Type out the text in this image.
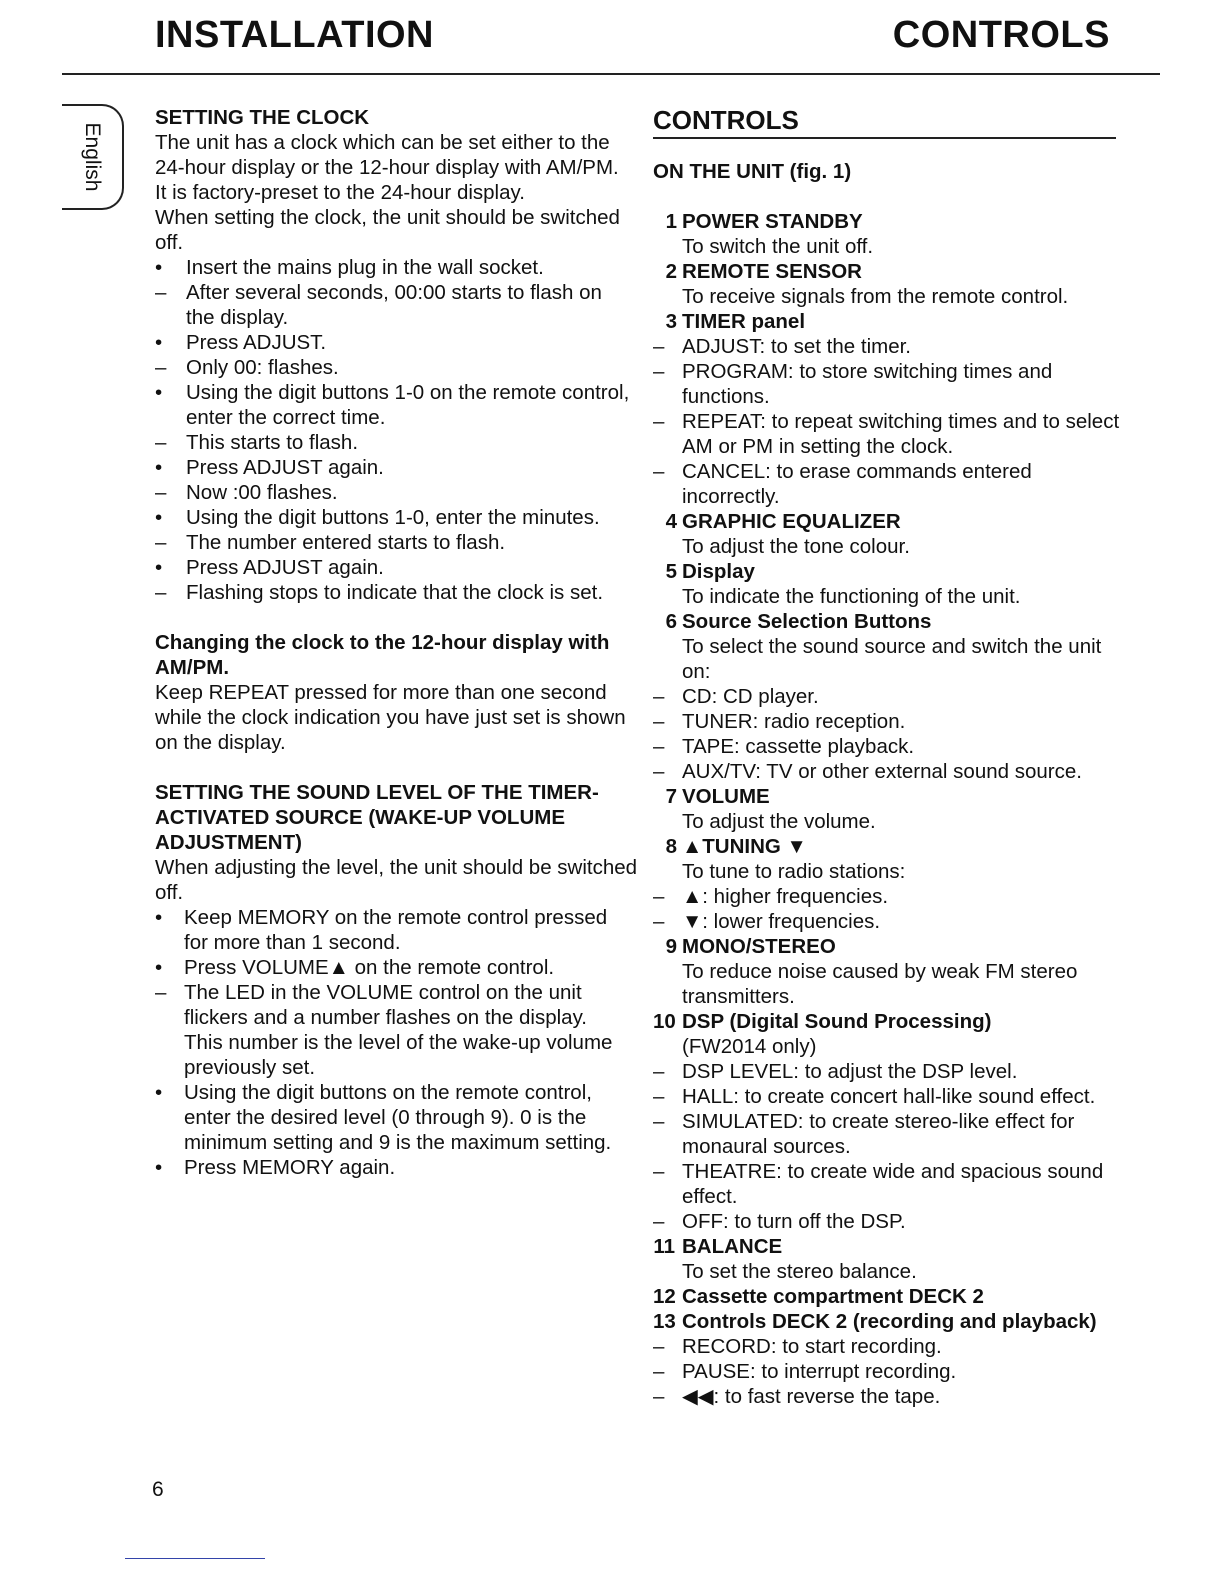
INSTALLATION	CONTROLS
English
SETTING THE CLOCK
The unit has a clock which can be set either to the
24-hour display or the 12-hour display with AM/PM.
It is factory-preset to the 24-hour display.
When setting the clock, the unit should be switched
off.
• Insert the mains plug in the wall socket.
– After several seconds, 00:00 starts to flash on
the display.
• Press ADJUST.
– Only 00: flashes.
• Using the digit buttons 1-0 on the remote control,
enter the correct time.
– This starts to flash.
• Press ADJUST again.
– Now :00 flashes.
• Using the digit buttons 1-0, enter the minutes.
– The number entered starts to flash.
• Press ADJUST again.
– Flashing stops to indicate that the clock is set.
Changing the clock to the 12-hour display with
AM/PM.
Keep REPEAT pressed for more than one second
while the clock indication you have just set is shown
on the display.
SETTING THE SOUND LEVEL OF THE TIMER-
ACTIVATED SOURCE (WAKE-UP VOLUME
ADJUSTMENT)
When adjusting the level, the unit should be switched
off.
• Keep MEMORY on the remote control pressed
for more than 1 second.
• Press VOLUME▲ on the remote control.
– The LED in the VOLUME control on the unit
flickers and a number flashes on the display.
This number is the level of the wake-up volume
previously set.
• Using the digit buttons on the remote control,
enter the desired level (0 through 9). 0 is the
minimum setting and 9 is the maximum setting.
• Press MEMORY again.
CONTROLS
ON THE UNIT (fig. 1)
1 POWER STANDBY
To switch the unit off.
2 REMOTE SENSOR
To receive signals from the remote control.
3 TIMER panel
– ADJUST: to set the timer.
– PROGRAM: to store switching times and
functions.
– REPEAT: to repeat switching times and to select
AM or PM in setting the clock.
– CANCEL: to erase commands entered
incorrectly.
4 GRAPHIC EQUALIZER
To adjust the tone colour.
5 Display
To indicate the functioning of the unit.
6 Source Selection Buttons
To select the sound source and switch the unit
on:
– CD: CD player.
– TUNER: radio reception.
– TAPE: cassette playback.
– AUX/TV: TV or other external sound source.
7 VOLUME
To adjust the volume.
8 ▲TUNING ▼
To tune to radio stations:
– ▲: higher frequencies.
– ▼: lower frequencies.
9 MONO/STEREO
To reduce noise caused by weak FM stereo
transmitters.
10 DSP (Digital Sound Processing)
(FW2014 only)
– DSP LEVEL: to adjust the DSP level.
– HALL: to create concert hall-like sound effect.
– SIMULATED: to create stereo-like effect for
monaural sources.
– THEATRE: to create wide and spacious sound
effect.
– OFF: to turn off the DSP.
11 BALANCE
To set the stereo balance.
12 Cassette compartment DECK 2
13 Controls DECK 2 (recording and playback)
– RECORD: to start recording.
– PAUSE: to interrupt recording.
– ◀◀: to fast reverse the tape.
6
